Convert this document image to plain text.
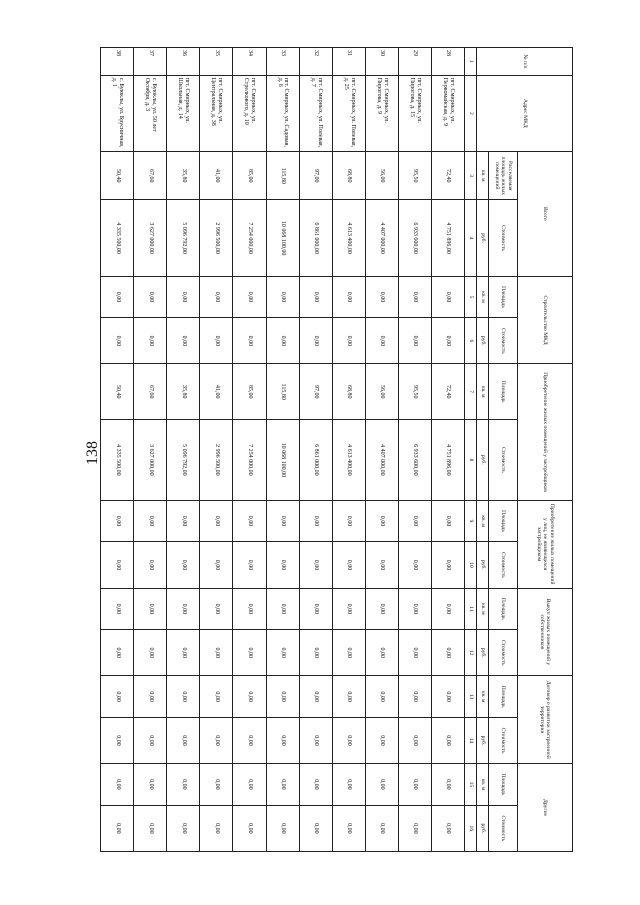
138
№ п/п	Адрес МКД	Всего		Строительство МКД		Приобретение жилых помещений у застройщиков		Приобретение жилых помещений у лиц, не являющихся застройщиком		Выкуп жилых помещений у собственников		Договор о развитии застроенной территории		Другие	
		Расселяемая площадь жилых помещений	Стоимость	Площадь	Стоимость	Площадь	Стоимость	Площадь	Стоимость	Площадь	Стоимость	Площадь	Стоимость	Площадь	Стоимость
		кв. м	руб.	кв. м	руб.	кв. м	руб.	кв. м	руб.	кв. м	руб.	кв. м	руб.	кв. м	руб.
1	2	3	4	5	6	7	8	9	10	11	12	13	14	15	16
28	пгт. Смирных, ул. Первомайская, д. 9	72,40	4 751 896,00	0,00	0,00	72,40	4 751 896,00	0,00	0,00	0,00	0,00	0,00	0,00	0,00	0,00
29	пгт. Смирных, ул. Пирогова, д. 15	95,50	6 933 600,00	0,00	0,00	95,50	6 933 600,00	0,00	0,00	0,00	0,00	0,00	0,00	0,00	0,00
30	пгт. Смирных, ул. Пирогова, д. 9	56,00	4 407 000,00	0,00	0,00	56,00	4 407 000,00	0,00	0,00	0,00	0,00	0,00	0,00	0,00	0,00
31	пгт. Смирных, ул. Полевая, д. 25	68,80	4 613 400,00	0,00	0,00	68,80	4 613 400,00	0,00	0,00	0,00	0,00	0,00	0,00	0,00	0,00
32	пгт. Смирных, ул. Полевая, д. 7	97,00	6 861 000,00	0,00	0,00	97,00	6 861 000,00	0,00	0,00	0,00	0,00	0,00	0,00	0,00	0,00
33	пгт. Смирных, ул. Садовая, д. 6	115,80	10 068 100,00	0,00	0,00	115,80	10 068 100,00	0,00	0,00	0,00	0,00	0,00	0,00	0,00	0,00
34	пгт. Смирных, ул. Стрелкового, д. 10	85,00	7 254 000,00	0,00	0,00	85,00	7 254 000,00	0,00	0,00	0,00	0,00	0,00	0,00	0,00	0,00
35	пгт. Смирных, ул. Центральная, д. 38	41,00	2 996 500,00	0,00	0,00	41,00	2 996 500,00	0,00	0,00	0,00	0,00	0,00	0,00	0,00	0,00
36	пгт. Смирных, ул. Школьная, д. 14	35,80	5 096 792,00	0,00	0,00	35,80	5 096 792,00	0,00	0,00	0,00	0,00	0,00	0,00	0,00	0,00
37	с. Буюклы, ул. 50 лет Октября, д. 3	67,60	3 627 000,00	0,00	0,00	67,60	3 627 000,00	0,00	0,00	0,00	0,00	0,00	0,00	0,00	0,00
38	с. Буюклы, ул. Брусничная, д. 1	50,40	4 335 500,00	0,00	0,00	50,40	4 335 500,00	0,00	0,00	0,00	0,00	0,00	0,00	0,00	0,00
